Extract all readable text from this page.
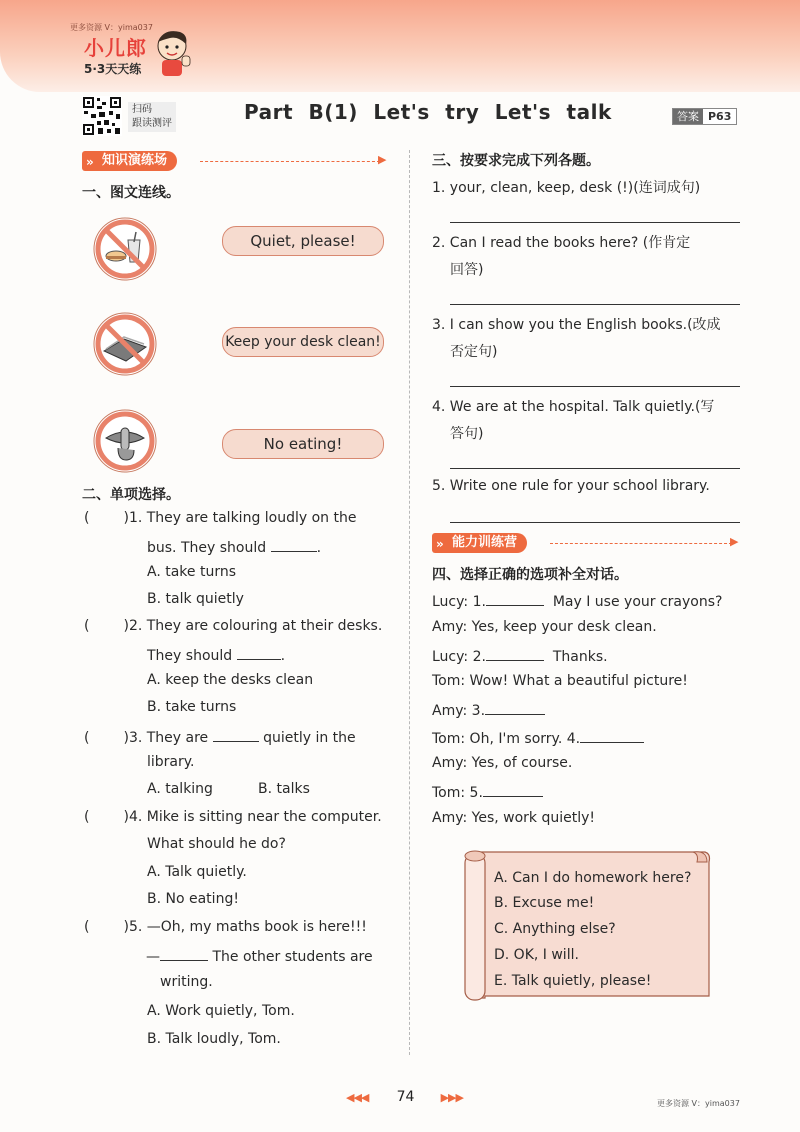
更多资源 V：yima037
小儿郎
5·3天天练
扫码
跟读测评	Part B(1) Let's try Let's talk	答案 P63
» 知识演练场	▶
一、图文连线。
Quiet, please!
Keep your desk clean!
No eating!
二、单项选择。
( )1. They are talking loudly on the
bus. They should	.
A. take turns
B. talk quietly
( )2. They are colouring at their desks.
They should	.
A. keep the desks clean
B. take turns
( )3. They are	quietly in the
library.
A. talking	B. talks
( )4. Mike is sitting near the computer.
What should he do?
A. Talk quietly.
B. No eating!
( )5. —Oh, my maths book is here!!!
—	The other students are
writing.
A. Work quietly, Tom.
B. Talk loudly, Tom.
三、按要求完成下列各题。
1. your, clean, keep, desk (!)(连词成句)
2. Can I read the books here? (作肯定
回答)
3. I can show you the English books.(改成
否定句)
4. We are at the hospital. Talk quietly.(写
答句)
5. Write one rule for your school library.
» 能力训练营	▶
四、选择正确的选项补全对话。
Lucy: 1.	May I use your crayons?
Amy: Yes, keep your desk clean.
Lucy: 2.	Thanks.
Tom: Wow! What a beautiful picture!
Amy: 3.
Tom: Oh, I'm sorry. 4.
Amy: Yes, of course.
Tom: 5.
Amy: Yes, work quietly!
A. Can I do homework here?
B. Excuse me!
C. Anything else?
D. OK, I will.
E. Talk quietly, please!
◀◀◀ 74 ▶▶▶	更多资源 V：yima037
